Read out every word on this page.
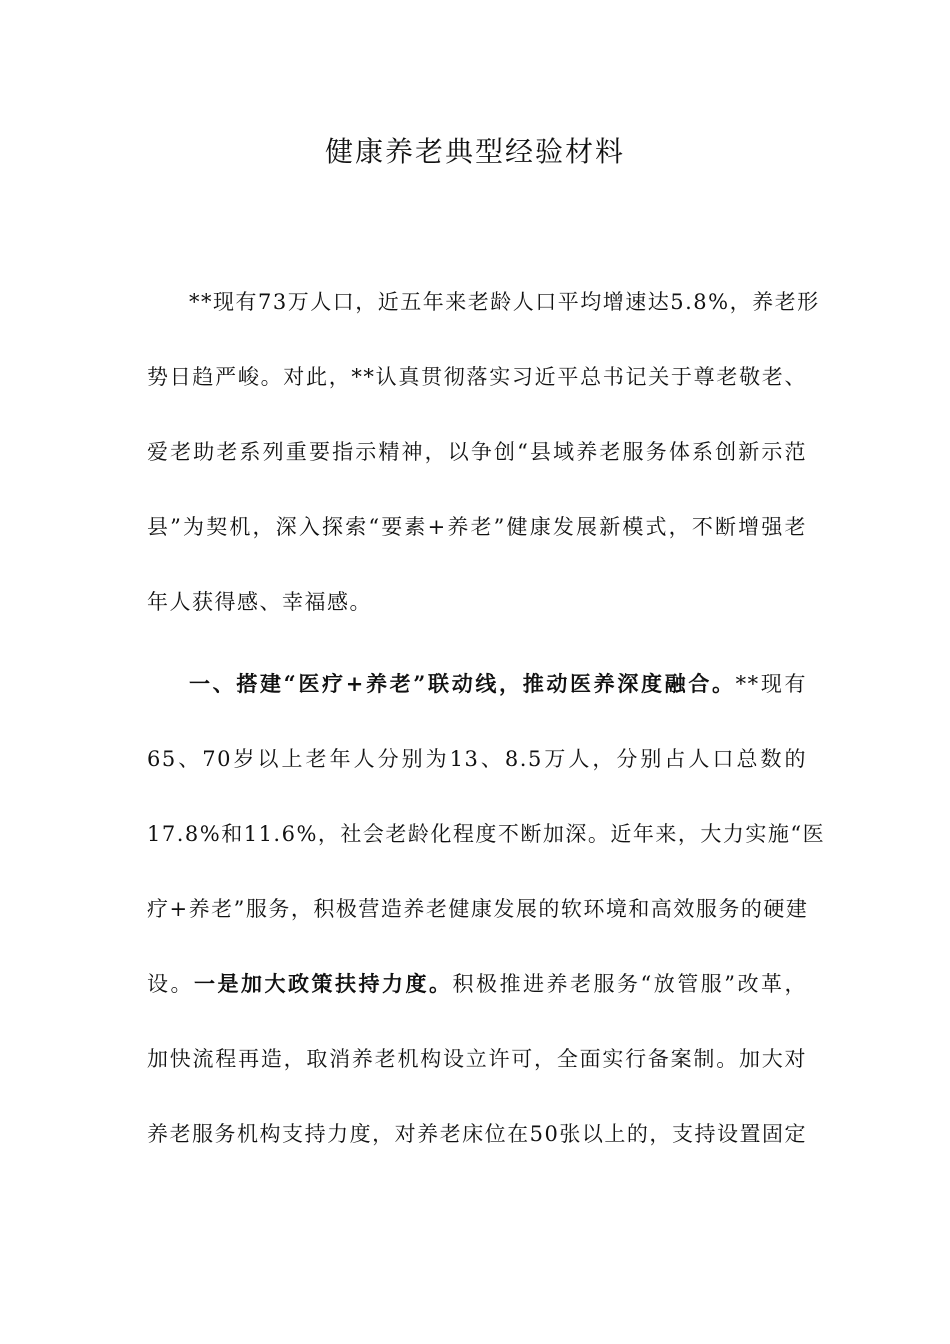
健康养老典型经验材料
**现有73万人口，近五年来老龄人口平均增速达5.8%，养老形
势日趋严峻。对此，**认真贯彻落实习近平总书记关于尊老敬老、
爱老助老系列重要指示精神，以争创“县域养老服务体系创新示范
县”为契机，深入探索“要素+养老”健康发展新模式，不断增强老
年人获得感、幸福感。
一、搭建“医疗+养老”联动线，推动医养深度融合。**现有
65、70岁以上老年人分别为13、8.5万人，分别占人口总数的
17.8%和11.6%，社会老龄化程度不断加深。近年来，大力实施“医
疗+养老”服务，积极营造养老健康发展的软环境和高效服务的硬建
设。一是加大政策扶持力度。积极推进养老服务“放管服”改革，
加快流程再造，取消养老机构设立许可，全面实行备案制。加大对
养老服务机构支持力度，对养老床位在50张以上的，支持设置固定
